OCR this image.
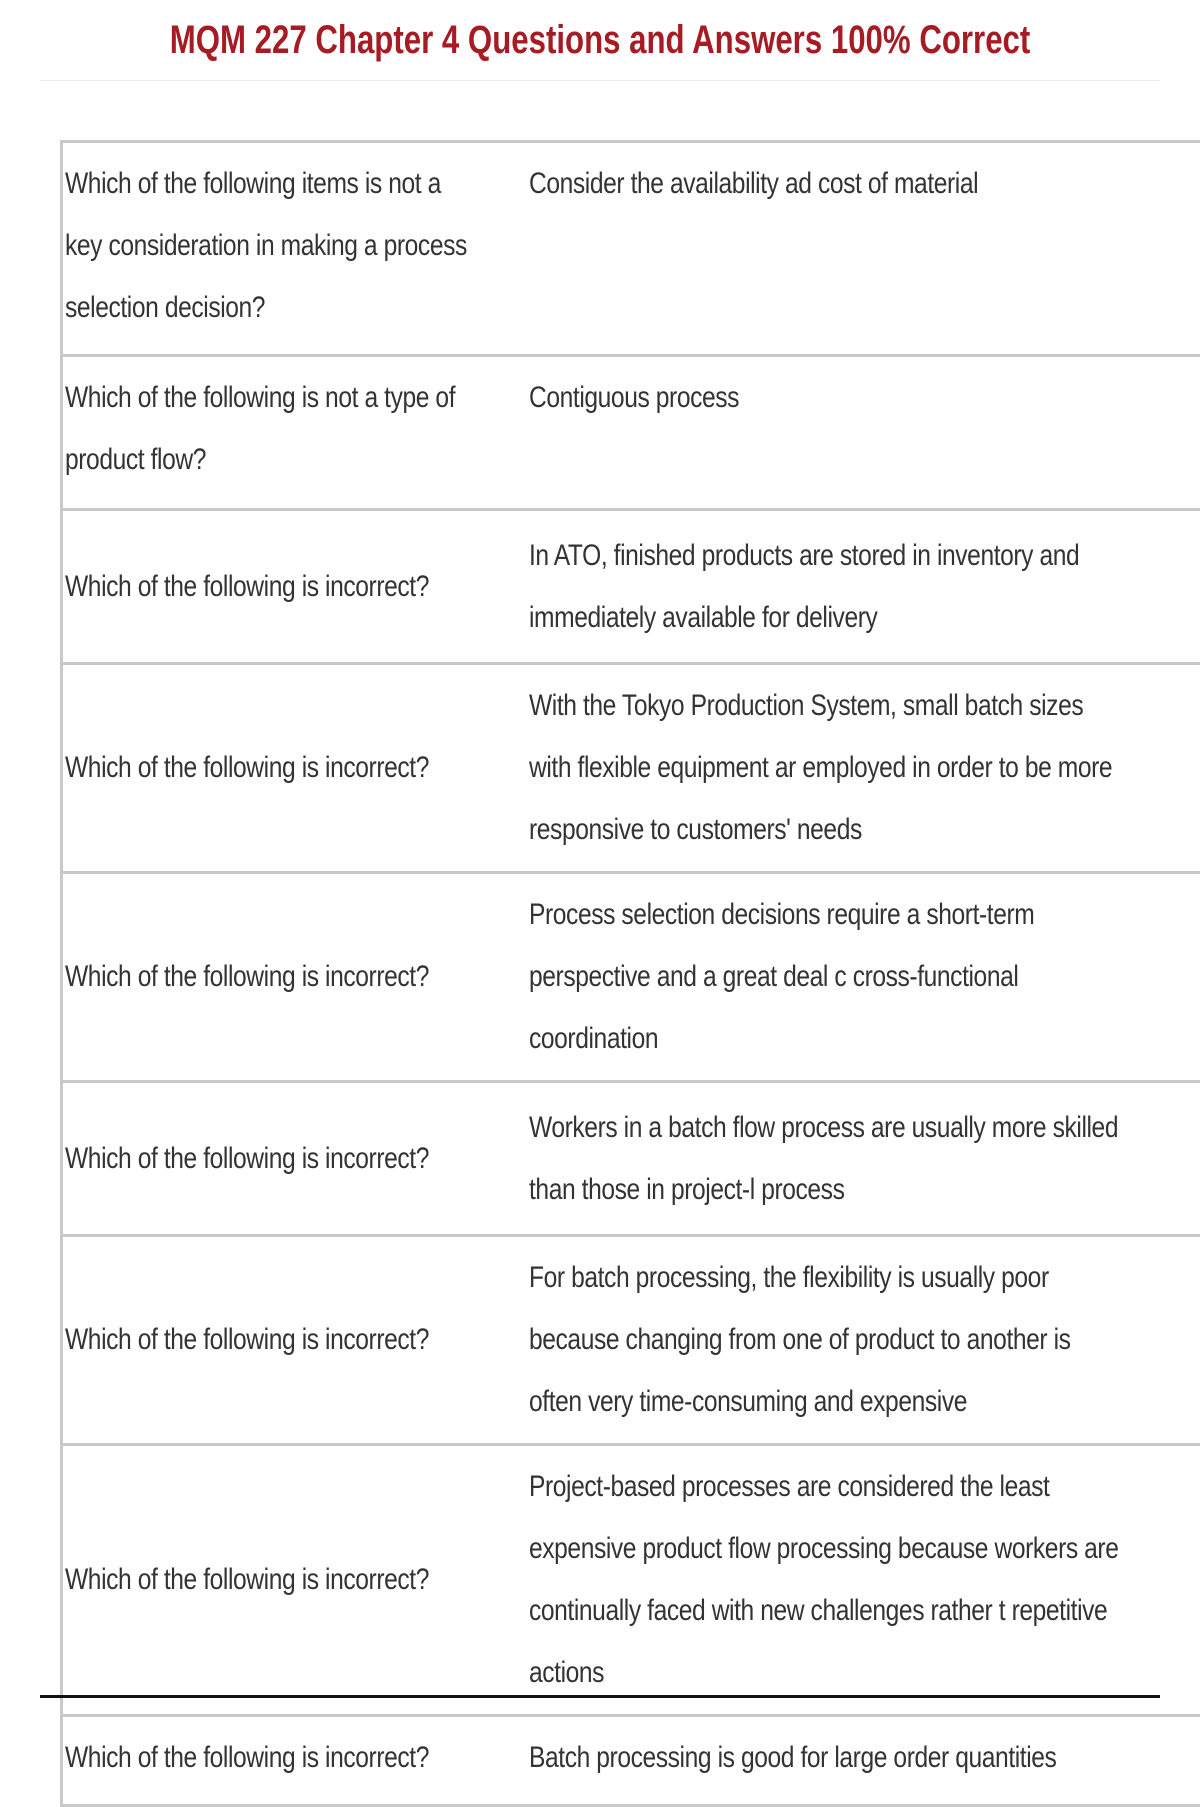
MQM 227 Chapter 4 Questions and Answers 100% Correct
Which of the following items is not a key consideration in making a process selection decision?	Consider the availability ad cost of material

Which of the following is not a type of product flow?	Contiguous process

Which of the following is incorrect?	In ATO, finished products are stored in inventory and immediately available for delivery

Which of the following is incorrect?	With the Tokyo Production System, small batch sizes with flexible equipment ar employed in order to be more responsive to customers' needs

Which of the following is incorrect?	Process selection decisions require a short-term perspective and a great deal c cross-functional coordination

Which of the following is incorrect?	Workers in a batch flow process are usually more skilled than those in project-l process

Which of the following is incorrect?	For batch processing, the flexibility is usually poor because changing from one of product to another is often very time-consuming and expensive

Which of the following is incorrect?	Project-based processes are considered the least expensive product flow processing because workers are continually faced with new challenges rather t repetitive actions

Which of the following is incorrect?	Batch processing is good for large order quantities
